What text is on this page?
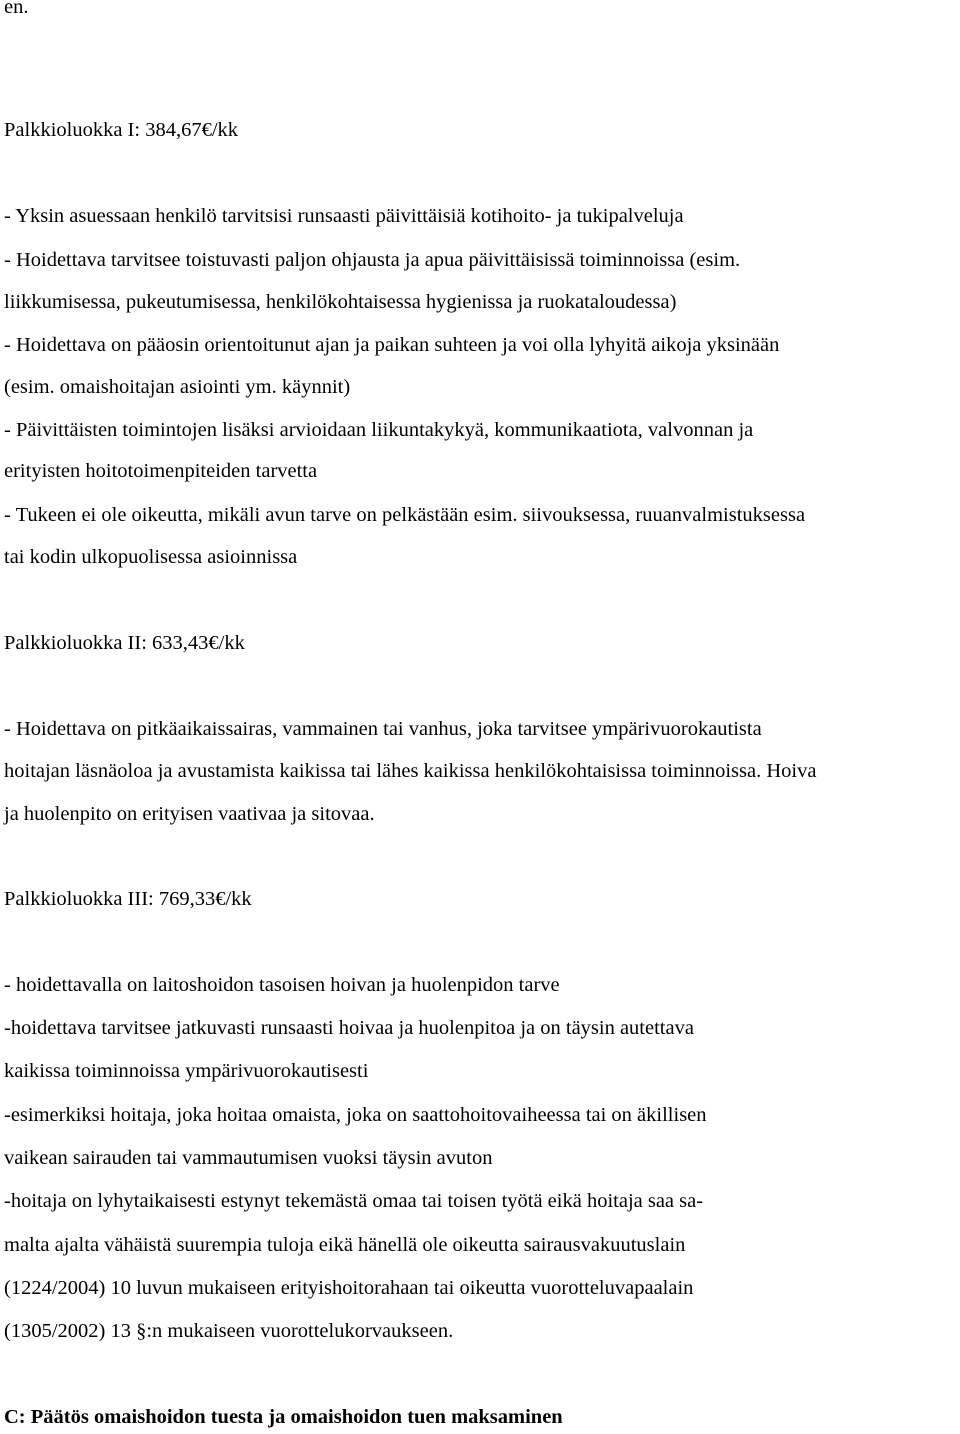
en.
Palkkioluokka I: 384,67€/kk
- Yksin asuessaan henkilö tarvitsisi runsaasti päivittäisiä kotihoito- ja tukipalveluja
- Hoidettava tarvitsee toistuvasti paljon ohjausta ja apua päivittäisissä toiminnoissa (esim.
liikkumisessa, pukeutumisessa, henkilökohtaisessa hygienissa ja ruokataloudessa)
- Hoidettava on pääosin orientoitunut ajan ja paikan suhteen ja voi olla lyhyitä aikoja yksinään
(esim. omaishoitajan asiointi ym. käynnit)
- Päivittäisten toimintojen lisäksi arvioidaan liikuntakykyä, kommunikaatiota, valvonnan ja
erityisten hoitotoimenpiteiden tarvetta
- Tukeen ei ole oikeutta, mikäli avun tarve on pelkästään esim. siivouksessa, ruuanvalmistuksessa
tai kodin ulkopuolisessa asioinnissa
Palkkioluokka II: 633,43€/kk
- Hoidettava on pitkäaikaissairas, vammainen tai vanhus, joka tarvitsee ympärivuorokautista
hoitajan läsnäoloa ja avustamista kaikissa tai lähes kaikissa henkilökohtaisissa toiminnoissa. Hoiva
ja huolenpito on erityisen vaativaa ja sitovaa.
Palkkioluokka III: 769,33€/kk
- hoidettavalla on laitoshoidon tasoisen hoivan ja huolenpidon tarve
-hoidettava tarvitsee jatkuvasti runsaasti hoivaa ja huolenpitoa ja on täysin autettava
kaikissa toiminnoissa ympärivuorokautisesti
-esimerkiksi hoitaja, joka hoitaa omaista, joka on saattohoitovaiheessa tai on äkillisen
vaikean sairauden tai vammautumisen vuoksi täysin avuton
-hoitaja on lyhytaikaisesti estynyt tekemästä omaa tai toisen työtä eikä hoitaja saa sa-
malta ajalta vähäistä suurempia tuloja eikä hänellä ole oikeutta sairausvakuutuslain
(1224/2004) 10 luvun mukaiseen erityishoitorahaan tai oikeutta vuorotteluvapaalain
(1305/2002) 13 §:n mukaiseen vuorottelukorvaukseen.
C: Päätös omaishoidon tuesta ja omaishoidon tuen maksaminen
